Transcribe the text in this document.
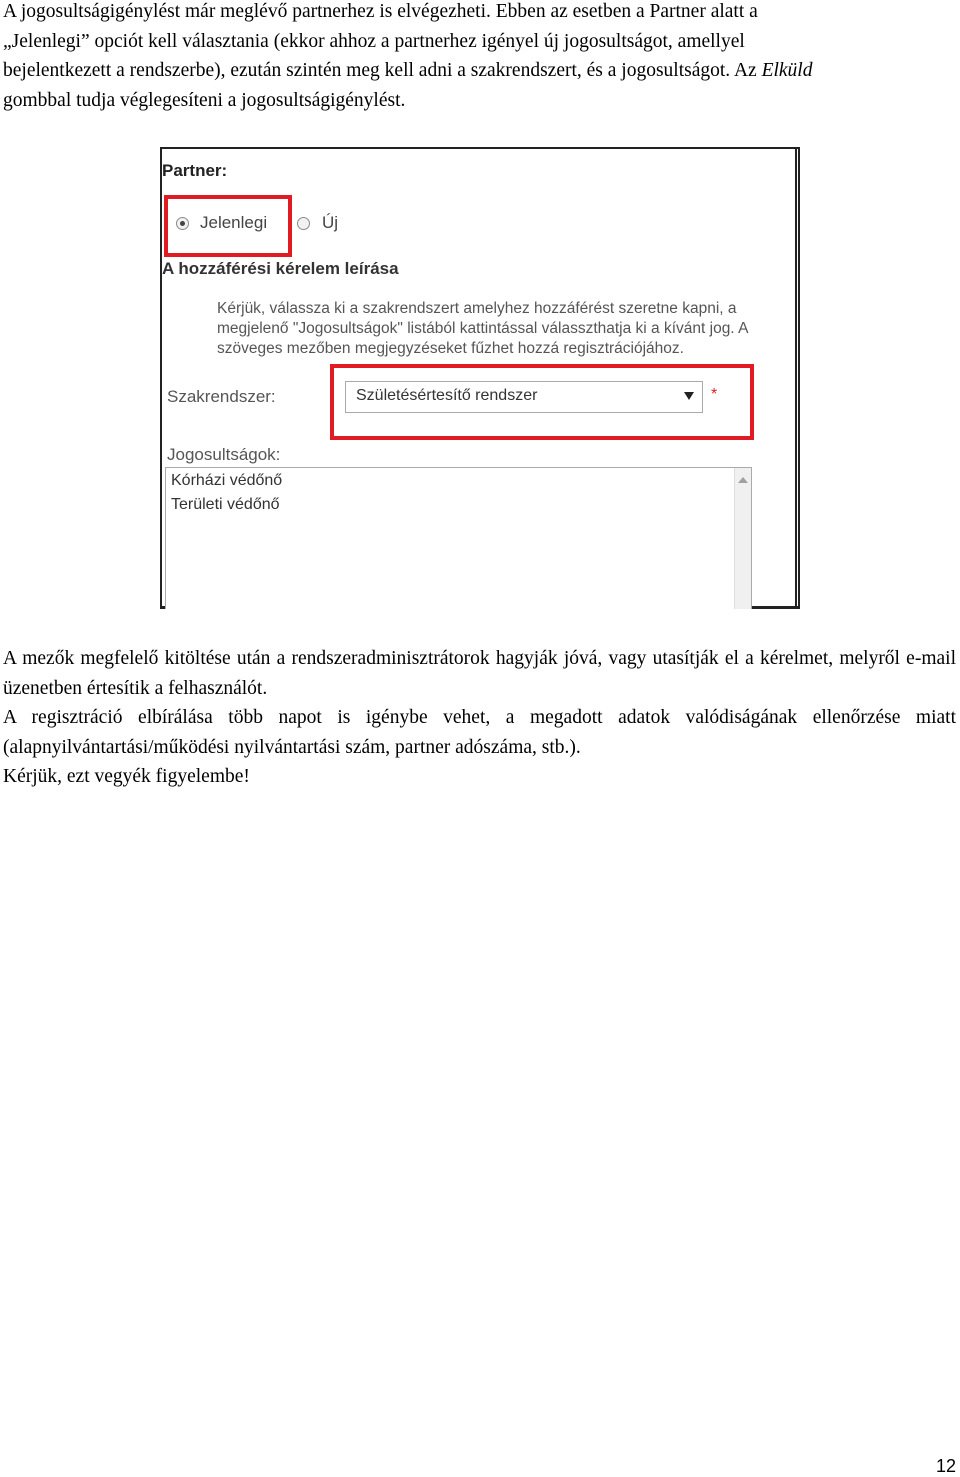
A jogosultságigénylést már meglévő partnerhez is elvégezheti. Ebben az esetben a Partner alatt a
„Jelenlegi” opciót kell választania (ekkor ahhoz a partnerhez igényel új jogosultságot, amellyel
bejelentkezett a rendszerbe), ezután szintén meg kell adni a szakrendszert, és a jogosultságot. Az Elküld
gombbal tudja véglegesíteni a jogosultságigénylést.

Partner:
Jelenlegi	Új
A hozzáférési kérelem leírása

Kérjük, válassza ki a szakrendszert amelyhez hozzáférést szeretne kapni, a megjelenő "Jogosultságok" listából kattintással válasszthatja ki a kívánt jog. A szöveges mezőben megjegyzéseket fűzhet hozzá regisztrációjához.

Szakrendszer:	Születésértesítő rendszer	*
Jogosultságok:
Kórházi védőnő
Területi védőnő

A mezők megfelelő kitöltése után a rendszeradminisztrátorok hagyják jóvá, vagy utasítják el a kérelmet, melyről e-mail üzenetben értesítik a felhasználót.

A regisztráció elbírálása több napot is igénybe vehet, a megadott adatok valódiságának ellenőrzése miatt (alapnyilvántartási/működési nyilvántartási szám, partner adószáma, stb.).

Kérjük, ezt vegyék figyelembe!

12
